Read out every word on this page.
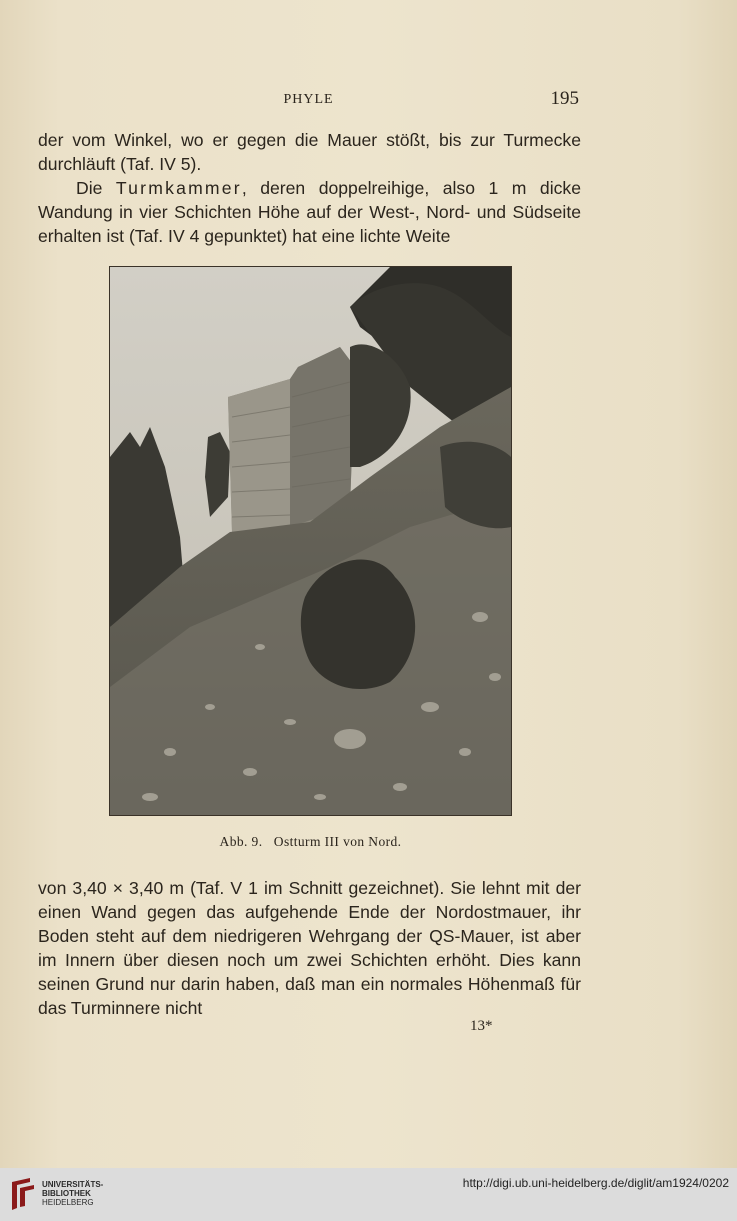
PHYLE	195
der vom Winkel, wo er gegen die Mauer stößt, bis zur Turmecke durchläuft (Taf. IV 5).
Die Turmkammer, deren doppelreihige, also 1 m dicke Wandung in vier Schichten Höhe auf der West-, Nord- und Südseite erhalten ist (Taf. IV 4 gepunktet) hat eine lichte Weite
Abb. 9.   Ostturm III von Nord.
von 3,40 × 3,40 m (Taf. V 1 im Schnitt gezeichnet). Sie lehnt mit der einen Wand gegen das aufgehende Ende der Nordostmauer, ihr Boden steht auf dem niedrigeren Wehrgang der QS-Mauer, ist aber im Innern über diesen noch um zwei Schichten erhöht. Dies kann seinen Grund nur darin haben, daß man ein normales Höhenmaß für das Turminnere nicht
13*
UNIVERSITÄTS-
BIBLIOTHEK
HEIDELBERG
http://digi.ub.uni-heidelberg.de/diglit/am1924/0202
